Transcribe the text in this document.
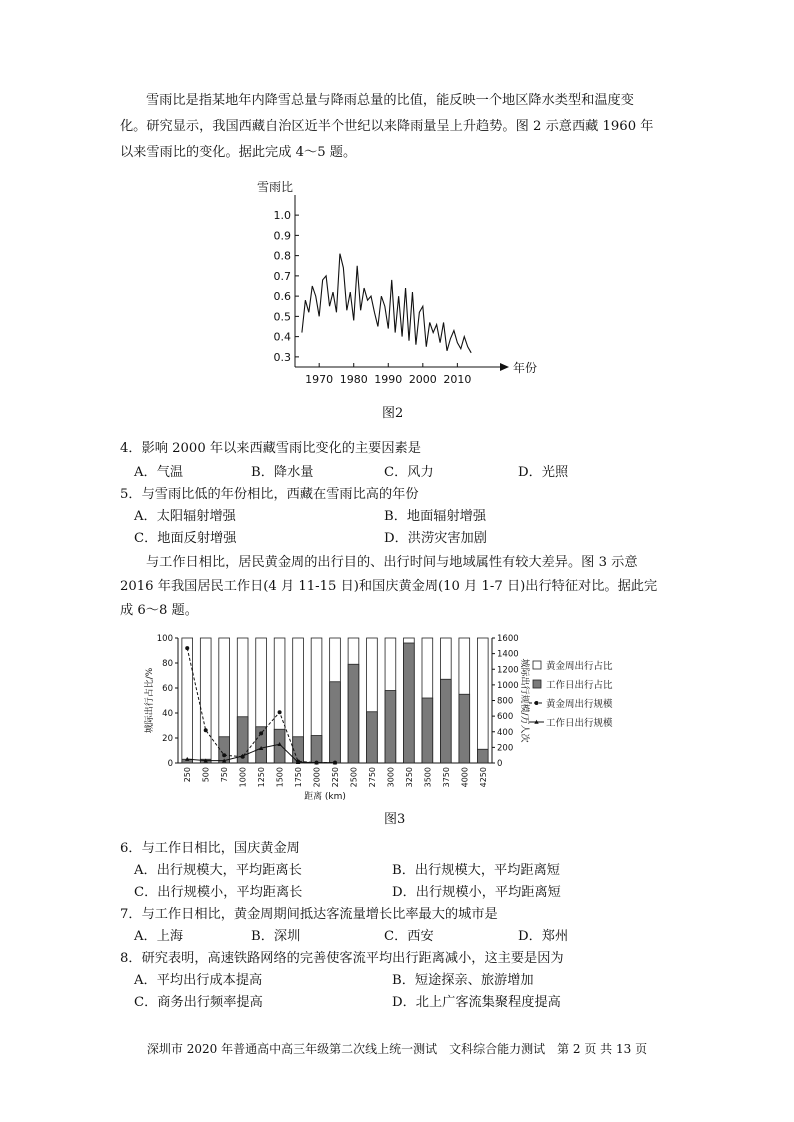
雪雨比是指某地年内降雪总量与降雨总量的比值，能反映一个地区降水类型和温度变
化。研究显示，我国西藏自治区近半个世纪以来降雨量呈上升趋势。图 2 示意西藏 1960 年
以来雪雨比的变化。据此完成 4～5 题。
雪雨比
年份
1.0
0.9
0.8
0.7
0.6
0.5
0.4
0.3
1970 1980 1990 2000 2010
图2
4．影响 2000 年以来西藏雪雨比变化的主要因素是
A．气温	B．降水量	C．风力	D．光照
5．与雪雨比低的年份相比，西藏在雪雨比高的年份
A．太阳辐射增强	B．地面辐射增强
C．地面反射增强	D．洪涝灾害加剧
与工作日相比，居民黄金周的出行目的、出行时间与地域属性有较大差异。图 3 示意
2016 年我国居民工作日(4 月 11-15 日)和国庆黄金周(10 月 1-7 日)出行特征对比。据此完
成 6～8 题。
100
80
60
40
20
0
1600
1400
1200
1000
800
600
400
200
0
城际出行占比/%	城际出行规模/万人次
250 500 750 1000 1250 1500 1750 2000 2250 2500 2750 3000 3250 3500 3750 4000 4250
距离 (km)
黄金周出行占比
工作日出行占比
黄金周出行规模
工作日出行规模
图3
6．与工作日相比，国庆黄金周
A．出行规模大，平均距离长	B．出行规模大，平均距离短
C．出行规模小，平均距离长	D．出行规模小，平均距离短
7．与工作日相比，黄金周期间抵达客流量增长比率最大的城市是
A．上海	B．深圳	C．西安	D．郑州
8．研究表明，高速铁路网络的完善使客流平均出行距离减小，这主要是因为
A．平均出行成本提高	B．短途探亲、旅游增加
C．商务出行频率提高	D．北上广客流集聚程度提高
深圳市 2020 年普通高中高三年级第二次线上统一测试　文科综合能力测试　第 2 页 共 13 页
